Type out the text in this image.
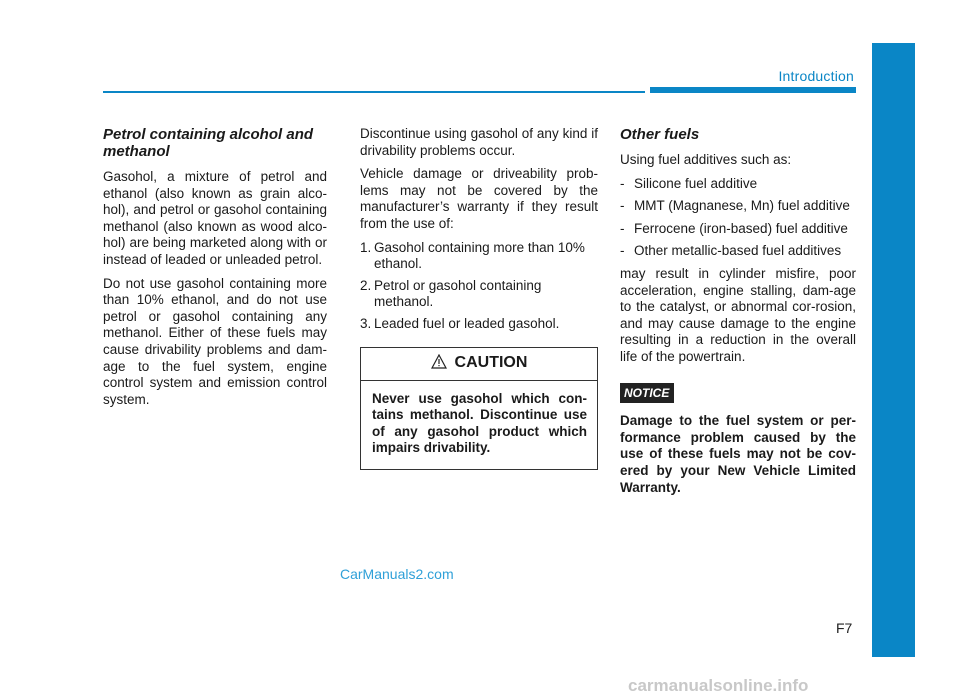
Introduction
Petrol containing alcohol and methanol

Gasohol, a mixture of petrol and ethanol (also known as grain alco-hol), and petrol or gasohol containing methanol (also known as wood alco-hol) are being marketed along with or instead of leaded or unleaded petrol.

Do not use gasohol containing more than 10% ethanol, and do not use petrol or gasohol containing any methanol. Either of these fuels may cause drivability problems and dam-age to the fuel system, engine control system and emission control system.

Discontinue using gasohol of any kind if drivability problems occur.

Vehicle damage or driveability prob-lems may not be covered by the manufacturer’s warranty if they result from the use of:

1. Gasohol containing more than 10% ethanol.
2. Petrol or gasohol containing methanol.
3. Leaded fuel or leaded gasohol.
CAUTION
Never use gasohol which con-tains methanol. Discontinue use of any gasohol product which impairs drivability.
Other fuels

Using fuel additives such as:

- Silicone fuel additive
- MMT (Magnanese, Mn) fuel additive
- Ferrocene (iron-based) fuel additive
- Other metallic-based fuel additives

may result in cylinder misfire, poor acceleration, engine stalling, dam-age to the catalyst, or abnormal cor-rosion, and may cause damage to the engine resulting in a reduction in the overall life of the powertrain.

NOTICE

Damage to the fuel system or per-formance problem caused by the use of these fuels may not be cov-ered by your New Vehicle Limited Warranty.

CarManuals2.com
F7
carmanualsonline.info
